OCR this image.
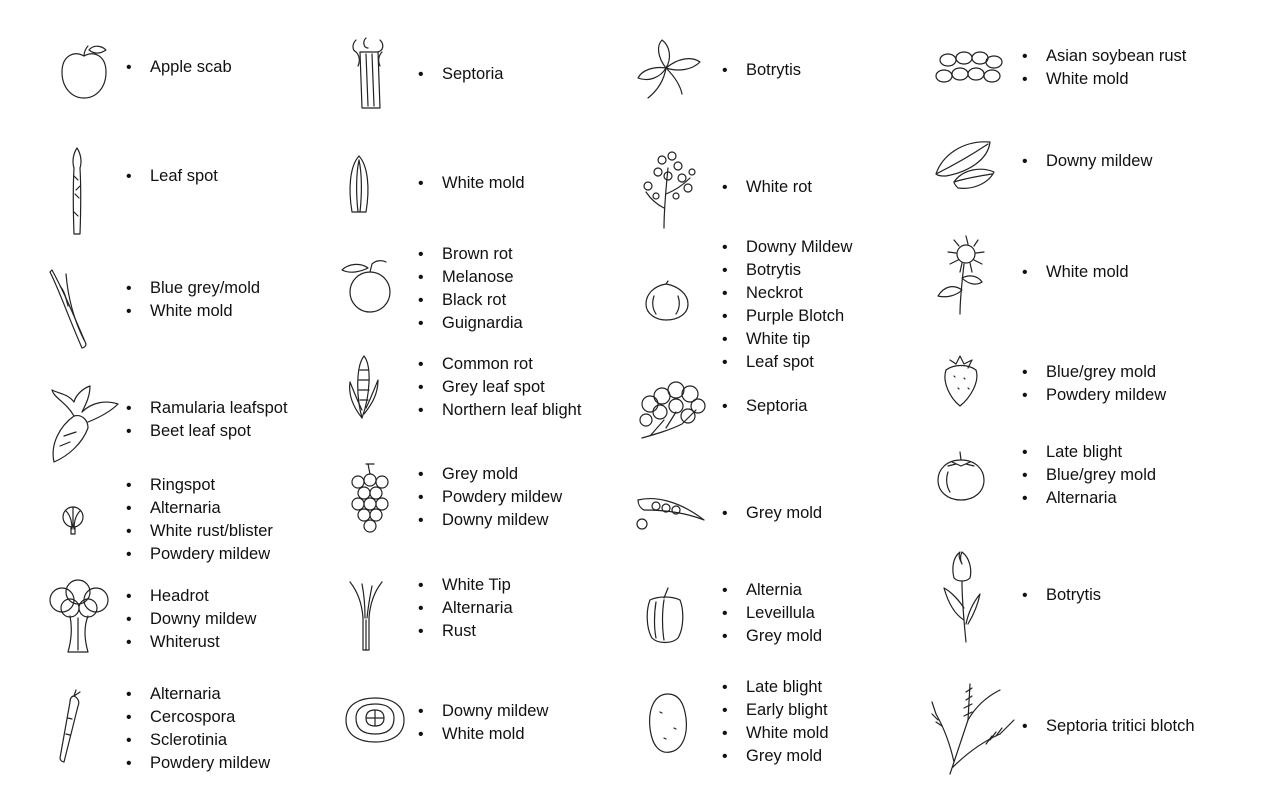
• Apple scab
• Leaf spot
• Blue grey/mold
• White mold
• Ramularia leafspot
• Beet leaf spot
• Ringspot
• Alternaria
• White rust/blister
• Powdery mildew
• Headrot
• Downy mildew
• Whiterust
• Alternaria
• Cercospora
• Sclerotinia
• Powdery mildew
• Septoria
• White mold
• Brown rot
• Melanose
• Black rot
• Guignardia
• Common rot
• Grey leaf spot
• Northern leaf blight
• Grey mold
• Powdery mildew
• Downy mildew
• White Tip
• Alternaria
• Rust
• Downy mildew
• White mold
• Botrytis
• White rot
• Downy Mildew
• Botrytis
• Neckrot
• Purple Blotch
• White tip
• Leaf spot
• Septoria
• Grey mold
• Alternia
• Leveillula
• Grey mold
• Late blight
• Early blight
• White mold
• Grey mold
• Asian soybean rust
• White mold
• Downy mildew
• White mold
• Blue/grey mold
• Powdery mildew
• Late blight
• Blue/grey mold
• Alternaria
• Botrytis
• Septoria tritici blotch
